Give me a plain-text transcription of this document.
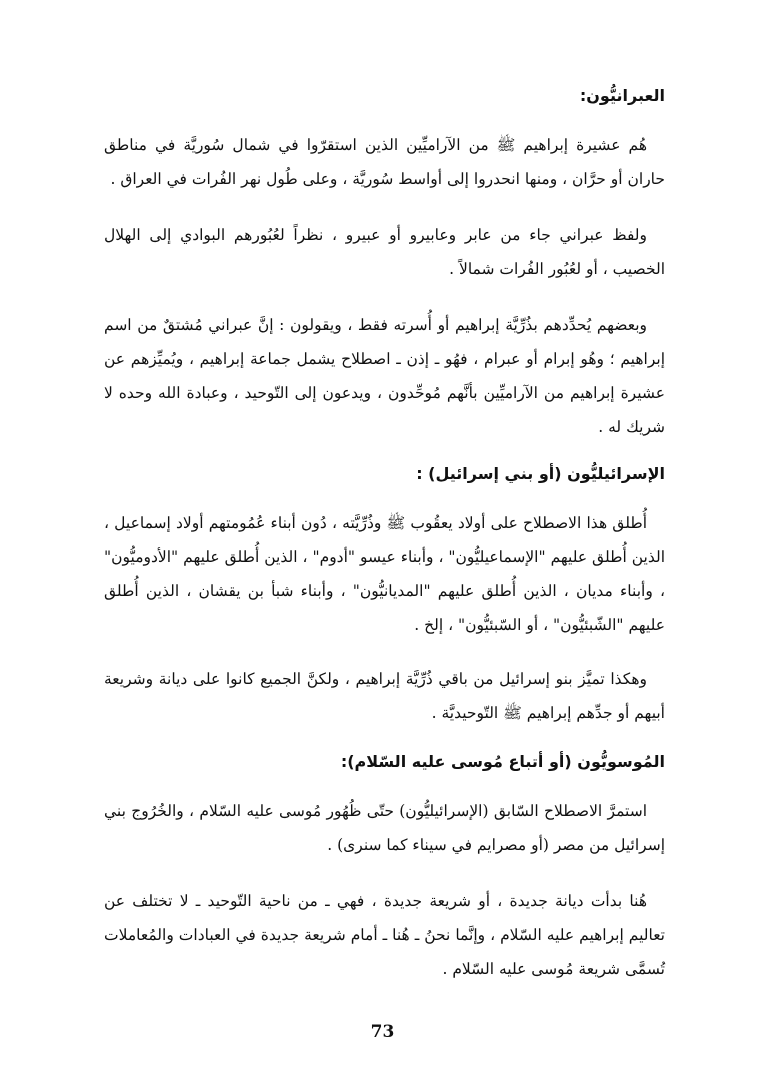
العبرانيُّون:

هُم عشيرة إبراهيم ﷺ من الآراميِّين الذين استقرّوا في شمال سُوريَّة في مناطق حاران أو حرَّان ، ومنها انحدروا إلى أواسط سُوريَّة ، وعلى طُول نهر الفُرات في العراق .

ولفظ عبراني جاء من عابر وعابيرو أو عبيرو ، نظراً لعُبُورهم البوادي إلى الهلال الخصيب ، أو لعُبُور الفُرات شمالاً .

وبعضهم يُحدِّدهم بذُرِّيَّة إبراهيم أو أُسرته فقط ، ويقولون : إنَّ عبراني مُشتقٌ من اسم إبراهيم ؛ وهُو إبرام أو عبرام ، فهُو ـ إذن ـ اصطلاح يشمل جماعة إبراهيم ، ويُميِّزهم عن عشيرة إبراهيم من الآراميِّين بأنَّهم مُوحِّدون ، ويدعون إلى التّوحيد ، وعبادة الله وحده لا شريك له .

الإسرائيليُّون (أو بني إسرائيل) :

أُطلق هذا الاصطلاح على أولاد يعقُوب ﷺ وذُرِّيَّته ، دُون أبناء عُمُومتهم أولاد إسماعيل ، الذين أُطلق عليهم "الإسماعيليُّون" ، وأبناء عيسو "أدوم" ، الذين أُطلق عليهم "الأدوميُّون" ، وأبناء مديان ، الذين أُطلق عليهم "المديانيُّون" ، وأبناء شبأ بن يقشان ، الذين أُطلق عليهم "الشّبئيُّون" ، أو السّبئيُّون" ، إلخ .

وهكذا تميَّز بنو إسرائيل من باقي ذُرِّيَّة إبراهيم ، ولكنَّ الجميع كانوا على ديانة وشريعة أبيهم أو جدِّهم إبراهيم ﷺ التّوحيديَّة .

المُوسويُّون (أو أتباع مُوسى عليه السّلام):

استمرَّ الاصطلاح السّابق (الإسرائيليُّون) حتّى ظُهُور مُوسى عليه السّلام ، والخُرُوج بني إسرائيل من مصر (أو مصرايم في سيناء كما سنرى) .

هُنا بدأت ديانة جديدة ، أو شريعة جديدة ، فهي ـ من ناحية التّوحيد ـ لا تختلف عن تعاليم إبراهيم عليه السّلام ، وإنَّما نحنُ ـ هُنا ـ أمام شريعة جديدة في العبادات والمُعاملات تُسمَّى شريعة مُوسى عليه السّلام .

73
